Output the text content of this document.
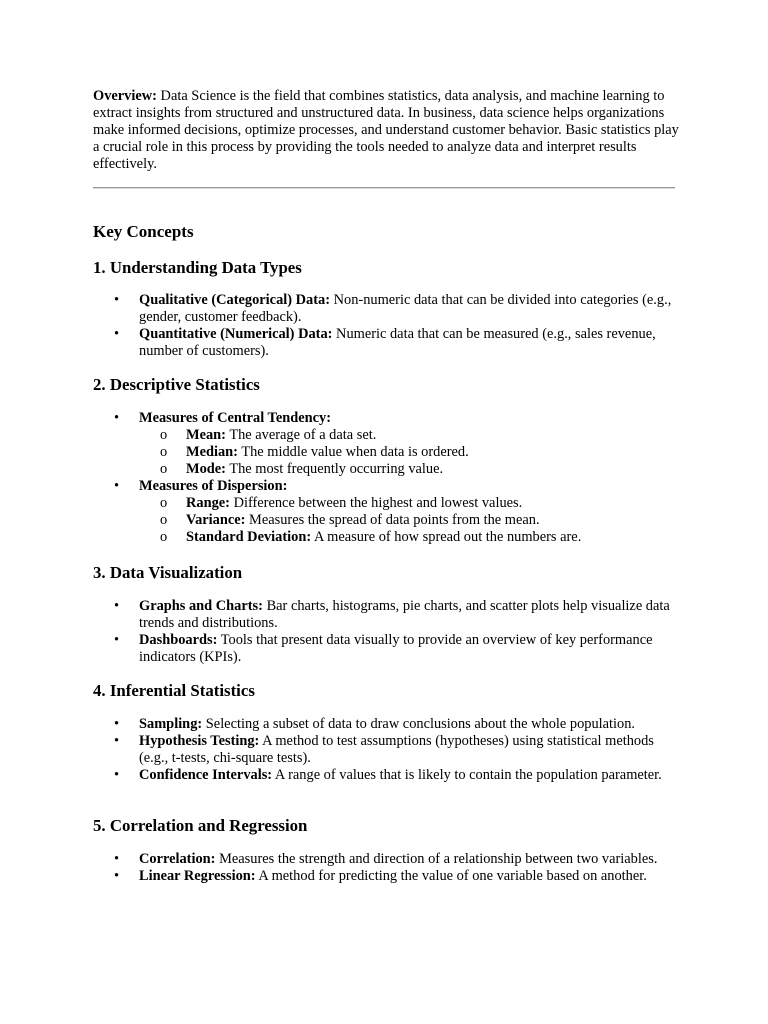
Overview: Data Science is the field that combines statistics, data analysis, and machine learning to extract insights from structured and unstructured data. In business, data science helps organizations make informed decisions, optimize processes, and understand customer behavior. Basic statistics play a crucial role in this process by providing the tools needed to analyze data and interpret results effectively.

Key Concepts
1. Understanding Data Types
• Qualitative (Categorical) Data: Non-numeric data that can be divided into categories (e.g., gender, customer feedback).
• Quantitative (Numerical) Data: Numeric data that can be measured (e.g., sales revenue, number of customers).
2. Descriptive Statistics
• Measures of Central Tendency:
o Mean: The average of a data set.
o Median: The middle value when data is ordered.
o Mode: The most frequently occurring value.
• Measures of Dispersion:
o Range: Difference between the highest and lowest values.
o Variance: Measures the spread of data points from the mean.
o Standard Deviation: A measure of how spread out the numbers are.
3. Data Visualization
• Graphs and Charts: Bar charts, histograms, pie charts, and scatter plots help visualize data trends and distributions.
• Dashboards: Tools that present data visually to provide an overview of key performance indicators (KPIs).
4. Inferential Statistics
• Sampling: Selecting a subset of data to draw conclusions about the whole population.
• Hypothesis Testing: A method to test assumptions (hypotheses) using statistical methods (e.g., t-tests, chi-square tests).
• Confidence Intervals: A range of values that is likely to contain the population parameter.
5. Correlation and Regression
• Correlation: Measures the strength and direction of a relationship between two variables.
• Linear Regression: A method for predicting the value of one variable based on another.
